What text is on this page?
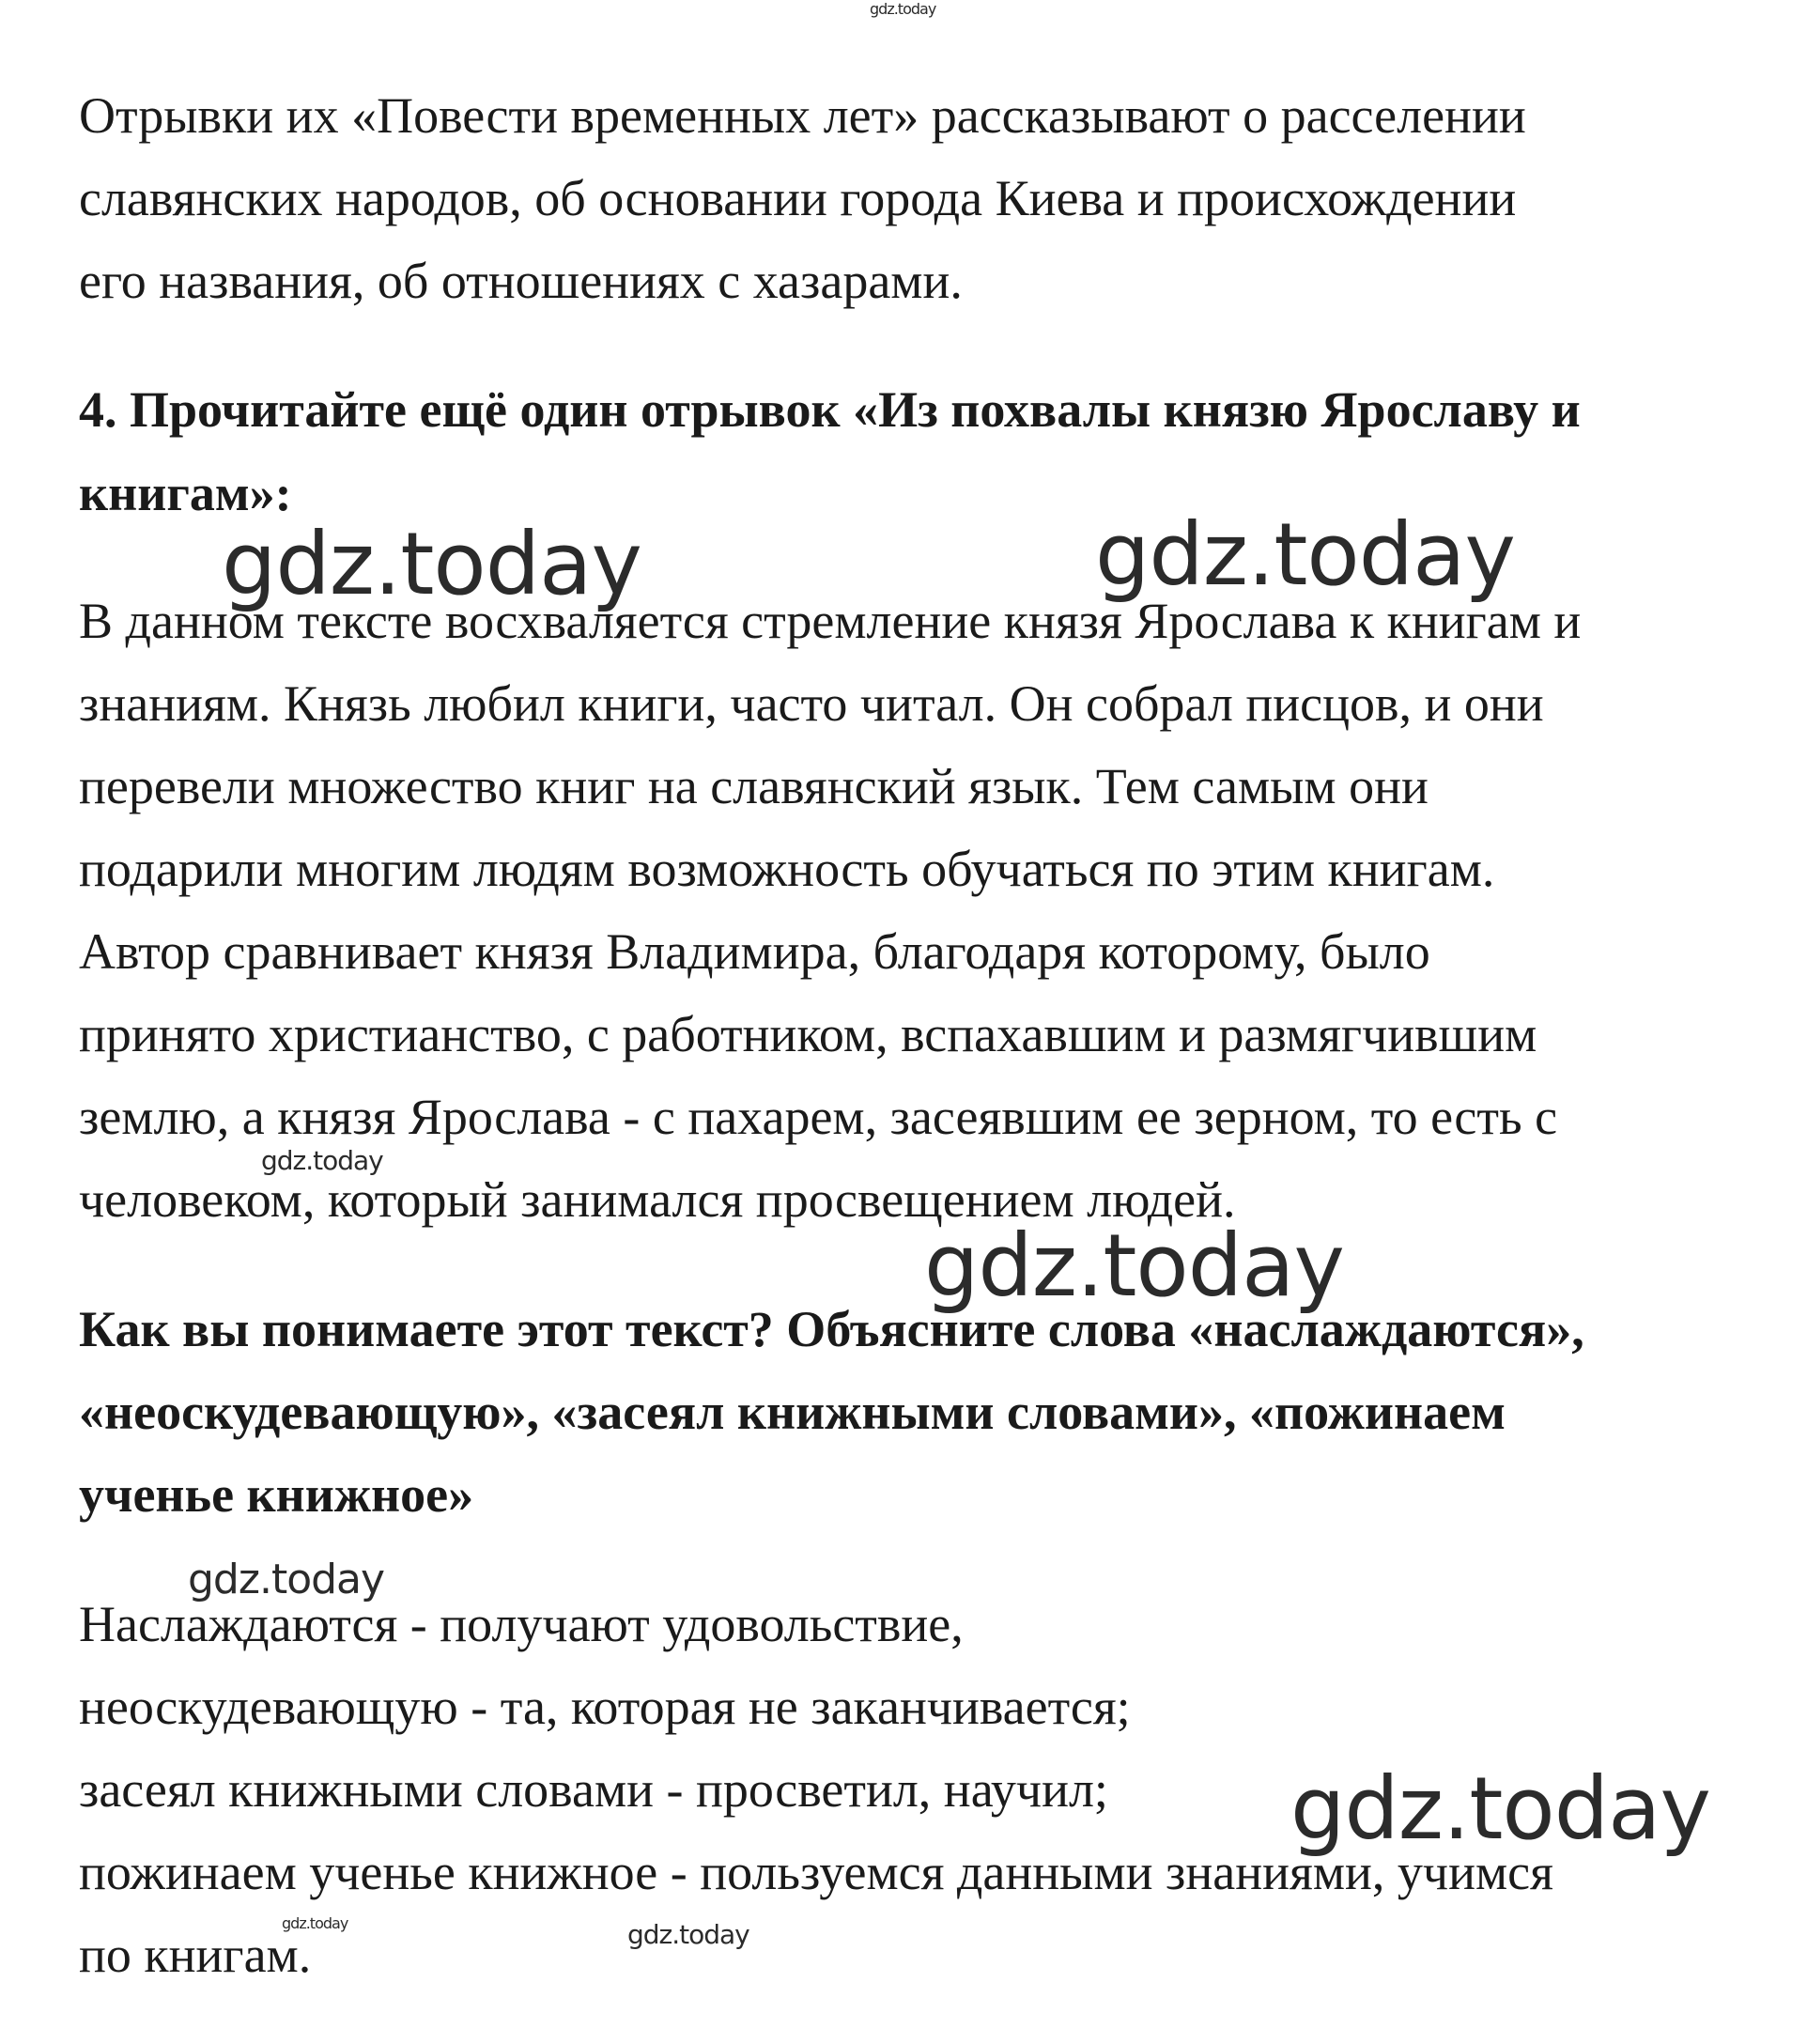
Отрывки их «Повести временных лет» рассказывают о расселении

славянских народов, об основании города Киева и происхождении

его названия, об отношениях с хазарами.

4. Прочитайте ещё один отрывок «Из похвалы князю Ярославу и

книгам»:

В данном тексте восхваляется стремление князя Ярослава к книгам и

знаниям. Князь любил книги, часто читал. Он собрал писцов, и они

перевели множество книг на славянский язык. Тем самым они

подарили многим людям возможность обучаться по этим книгам.

Автор сравнивает князя Владимира, благодаря которому, было

принято христианство, с работником, вспахавшим и размягчившим

землю, а князя Ярослава - с пахарем, засеявшим ее зерном, то есть с

человеком, который занимался просвещением людей.

Как вы понимаете этот текст? Объясните слова «наслаждаются»,

«неоскудевающую», «засеял книжными словами», «пожинаем

ученье книжное»

Наслаждаются - получают удовольствие,

неоскудевающую - та, которая не заканчивается;

засеял книжными словами - просветил, научил;

пожинаем ученье книжное - пользуемся данными знаниями, учимся

по книгам.

gdz.today
gdz.today	gdz.today
gdz.today
gdz.today
gdz.today
gdz.today
gdz.today	gdz.today
